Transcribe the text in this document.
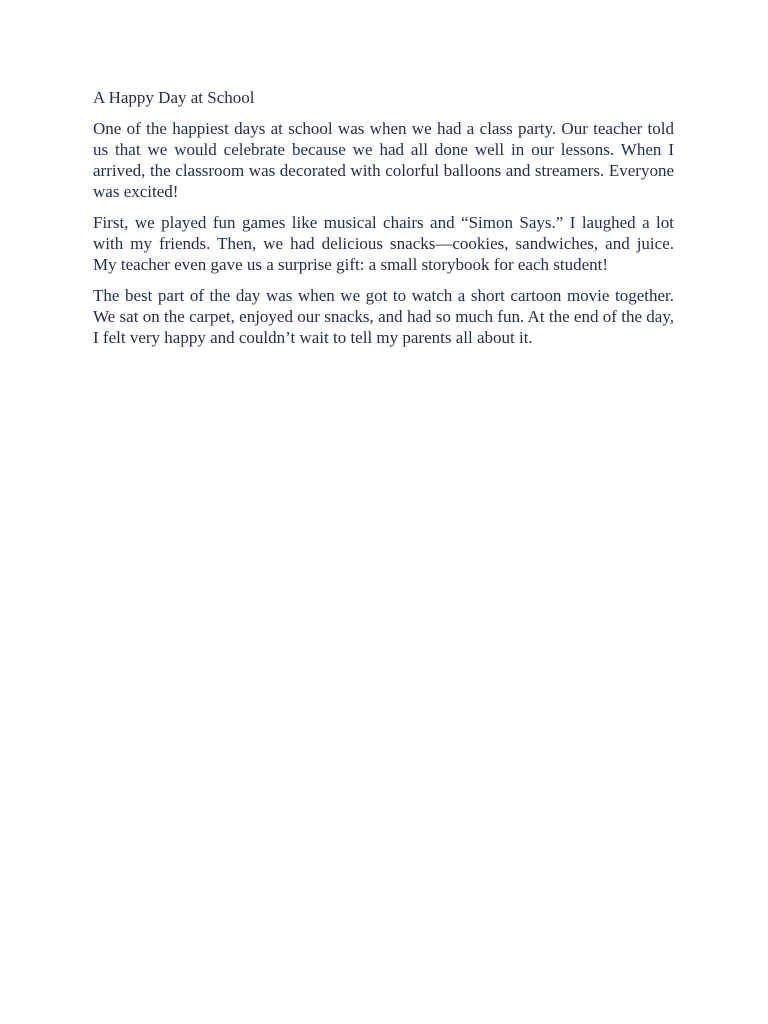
A Happy Day at School

One of the happiest days at school was when we had a class party. Our teacher told us that we would celebrate because we had all done well in our lessons. When I arrived, the classroom was decorated with colorful balloons and streamers. Everyone was excited!

First, we played fun games like musical chairs and “Simon Says.” I laughed a lot with my friends. Then, we had delicious snacks—cookies, sandwiches, and juice. My teacher even gave us a surprise gift: a small storybook for each student!

The best part of the day was when we got to watch a short cartoon movie together. We sat on the carpet, enjoyed our snacks, and had so much fun. At the end of the day, I felt very happy and couldn’t wait to tell my parents all about it.
